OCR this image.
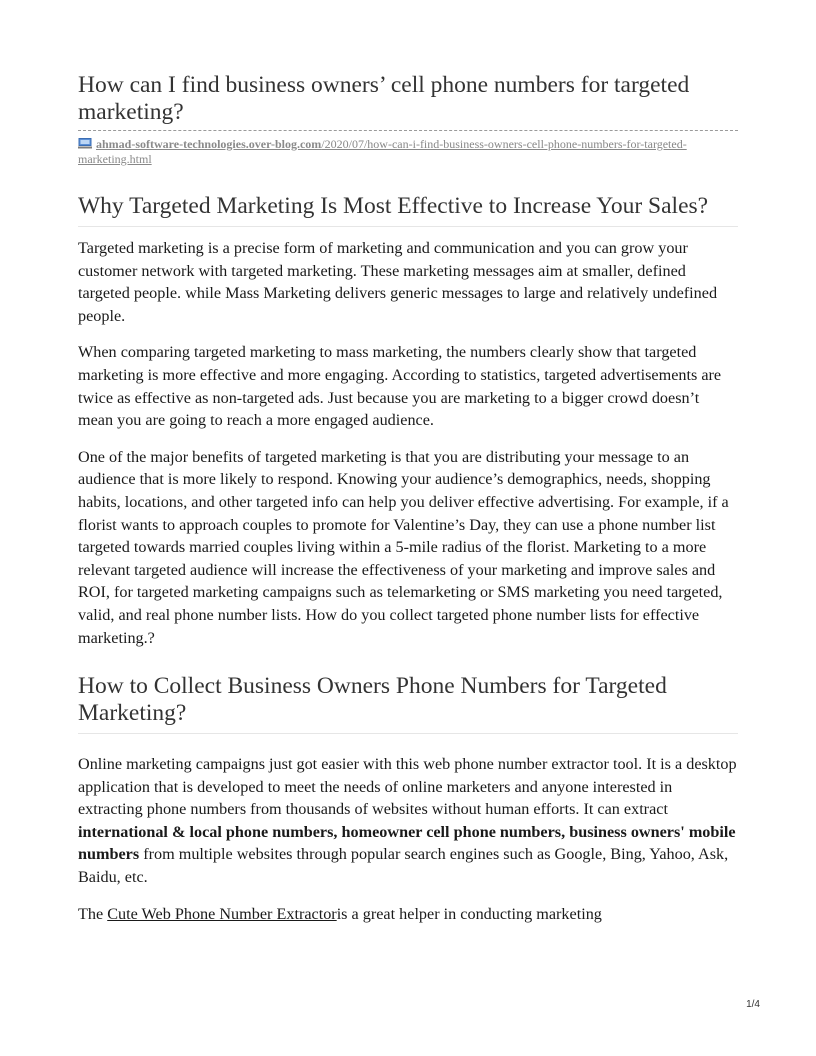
How can I find business owners’ cell phone numbers for targeted marketing?
ahmad-software-technologies.over-blog.com/2020/07/how-can-i-find-business-owners-cell-phone-numbers-for-targeted-marketing.html
Why Targeted Marketing Is Most Effective to Increase Your Sales?

Targeted marketing is a precise form of marketing and communication and you can grow your customer network with targeted marketing. These marketing messages aim at smaller, defined targeted people. while Mass Marketing delivers generic messages to large and relatively undefined people.

When comparing targeted marketing to mass marketing, the numbers clearly show that targeted marketing is more effective and more engaging. According to statistics, targeted advertisements are twice as effective as non-targeted ads. Just because you are marketing to a bigger crowd doesn’t mean you are going to reach a more engaged audience.

One of the major benefits of targeted marketing is that you are distributing your message to an audience that is more likely to respond. Knowing your audience’s demographics, needs, shopping habits, locations, and other targeted info can help you deliver effective advertising. For example, if a florist wants to approach couples to promote for Valentine’s Day, they can use a phone number list targeted towards married couples living within a 5-mile radius of the florist. Marketing to a more relevant targeted audience will increase the effectiveness of your marketing and improve sales and ROI, for targeted marketing campaigns such as telemarketing or SMS marketing you need targeted, valid, and real phone number lists. How do you collect targeted phone number lists for effective marketing.?

How to Collect Business Owners Phone Numbers for Targeted Marketing?

Online marketing campaigns just got easier with this web phone number extractor tool. It is a desktop application that is developed to meet the needs of online marketers and anyone interested in extracting phone numbers from thousands of websites without human efforts. It can extract international & local phone numbers, homeowner cell phone numbers, business owners' mobile numbers from multiple websites through popular search engines such as Google, Bing, Yahoo, Ask, Baidu, etc.

The Cute Web Phone Number Extractoris a great helper in conducting marketing

1/4
